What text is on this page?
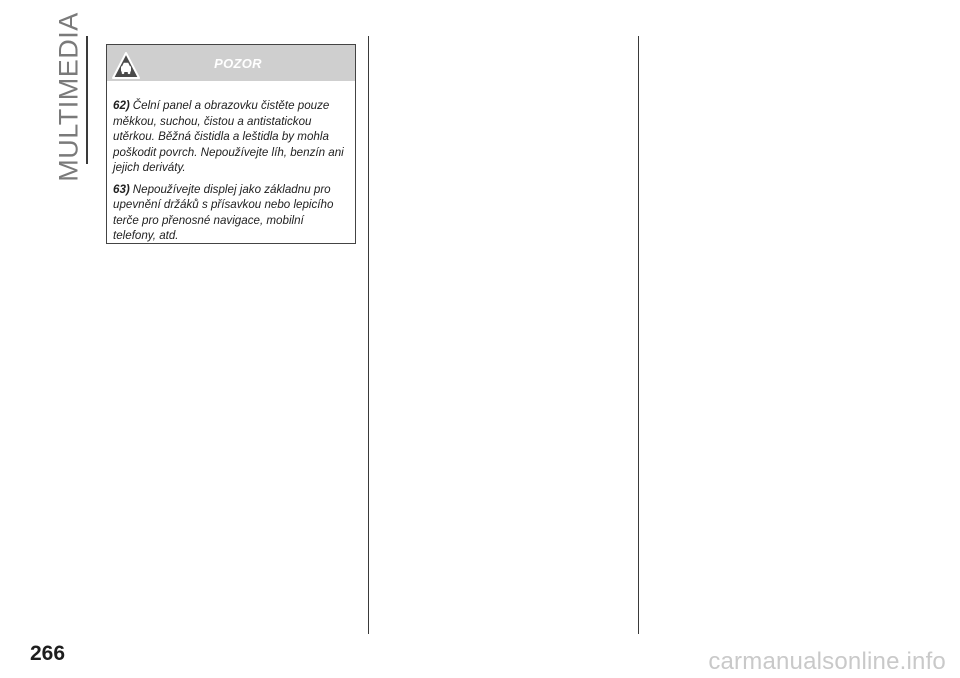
MULTIMEDIA	POZOR

62) Čelní panel a obrazovku čistěte pouze měkkou, suchou, čistou a antistatickou utěrkou. Běžná čistidla a leštidla by mohla poškodit povrch. Nepoužívejte líh, benzín ani jejich deriváty.

63) Nepoužívejte displej jako základnu pro upevnění držáků s přísavkou nebo lepicího terče pro přenosné navigace, mobilní telefony, atd.

266	carmanualsonline.info
